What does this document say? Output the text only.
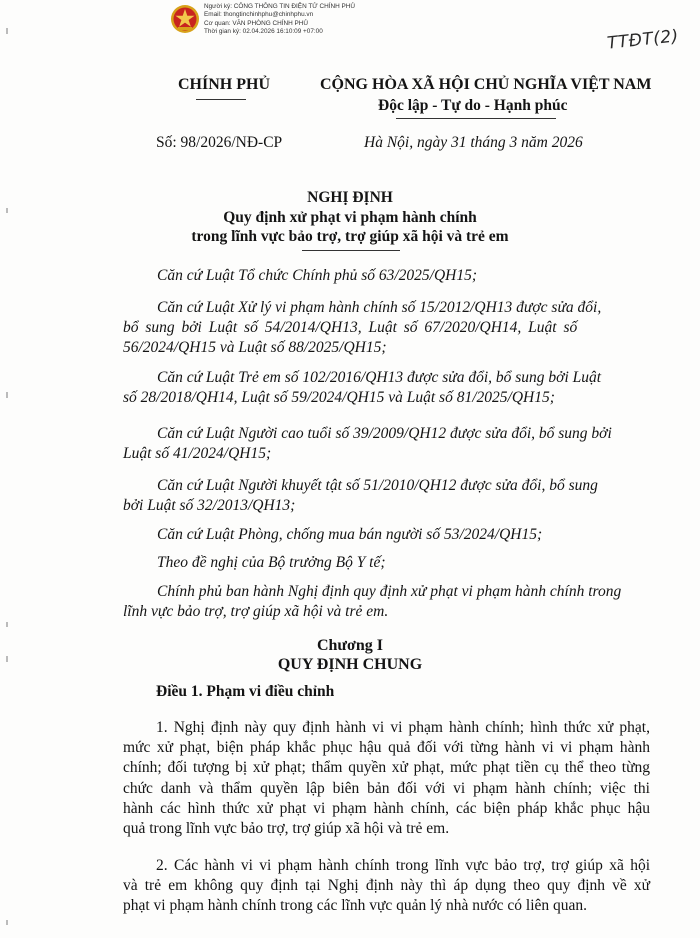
Người ký: CÔNG THÔNG TIN ĐIỆN TỬ CHÍNH PHỦ
Email: thongtinchinhphu@chinhphu.vn
Cơ quan: VĂN PHÒNG CHÍNH PHỦ
Thời gian ký: 02.04.2026 16:10:09 +07:00	TTĐT(2)
CHÍNH PHỦ	CỘNG HÒA XÃ HỘI CHỦ NGHĨA VIỆT NAM
Độc lập - Tự do - Hạnh phúc
Số: 98/2026/NĐ-CP	Hà Nội, ngày 31 tháng 3 năm 2026
NGHỊ ĐỊNH
Quy định xử phạt vi phạm hành chính
trong lĩnh vực bảo trợ, trợ giúp xã hội và trẻ em
Căn cứ Luật Tổ chức Chính phủ số 63/2025/QH15;
Căn cứ Luật Xử lý vi phạm hành chính số 15/2012/QH13 được sửa đổi,
bổ sung bởi Luật số 54/2014/QH13, Luật số 67/2020/QH14, Luật số
56/2024/QH15 và Luật số 88/2025/QH15;
Căn cứ Luật Trẻ em số 102/2016/QH13 được sửa đổi, bổ sung bởi Luật
số 28/2018/QH14, Luật số 59/2024/QH15 và Luật số 81/2025/QH15;
Căn cứ Luật Người cao tuổi số 39/2009/QH12 được sửa đổi, bổ sung bởi
Luật số 41/2024/QH15;
Căn cứ Luật Người khuyết tật số 51/2010/QH12 được sửa đổi, bổ sung
bởi Luật số 32/2013/QH13;
Căn cứ Luật Phòng, chống mua bán người số 53/2024/QH15;
Theo đề nghị của Bộ trưởng Bộ Y tế;
Chính phủ ban hành Nghị định quy định xử phạt vi phạm hành chính trong
lĩnh vực bảo trợ, trợ giúp xã hội và trẻ em.
Chương I
QUY ĐỊNH CHUNG
Điều 1. Phạm vi điều chỉnh
1. Nghị định này quy định hành vi vi phạm hành chính; hình thức xử phạt,
mức xử phạt, biện pháp khắc phục hậu quả đối với từng hành vi vi phạm hành
chính; đối tượng bị xử phạt; thẩm quyền xử phạt, mức phạt tiền cụ thể theo từng
chức danh và thẩm quyền lập biên bản đối với vi phạm hành chính; việc thi
hành các hình thức xử phạt vi phạm hành chính, các biện pháp khắc phục hậu
quả trong lĩnh vực bảo trợ, trợ giúp xã hội và trẻ em.
2. Các hành vi vi phạm hành chính trong lĩnh vực bảo trợ, trợ giúp xã hội
và trẻ em không quy định tại Nghị định này thì áp dụng theo quy định về xử
phạt vi phạm hành chính trong các lĩnh vực quản lý nhà nước có liên quan.
